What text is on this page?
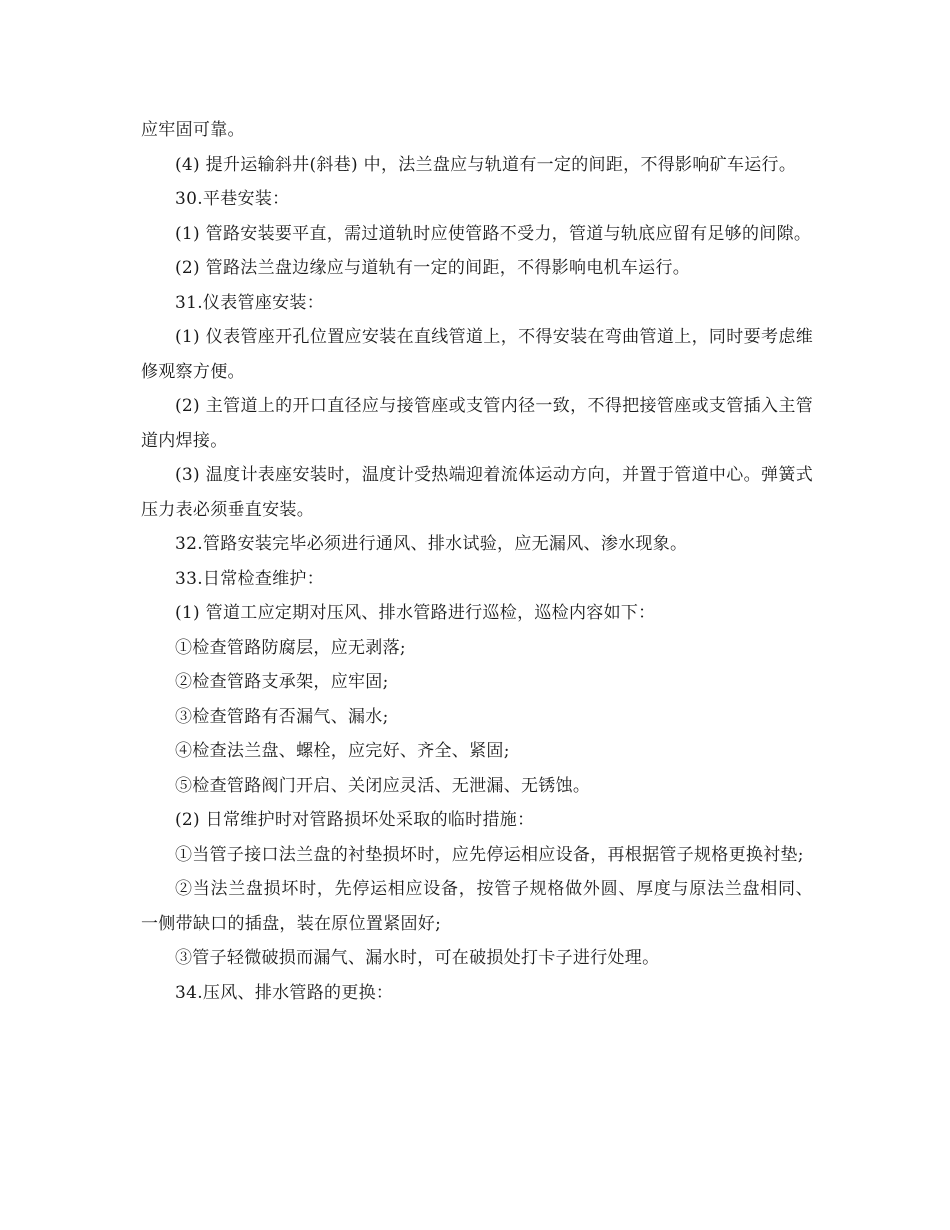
应牢固可靠。

(4) 提升运输斜井(斜巷) 中，法兰盘应与轨道有一定的间距，不得影响矿车运行。

30.平巷安装：

(1) 管路安装要平直，需过道轨时应使管路不受力，管道与轨底应留有足够的间隙。

(2) 管路法兰盘边缘应与道轨有一定的间距，不得影响电机车运行。

31.仪表管座安装：

(1) 仪表管座开孔位置应安装在直线管道上，不得安装在弯曲管道上，同时要考虑维修观察方便。

(2) 主管道上的开口直径应与接管座或支管内径一致，不得把接管座或支管插入主管道内焊接。

(3) 温度计表座安装时，温度计受热端迎着流体运动方向，并置于管道中心。弹簧式压力表必须垂直安装。

32.管路安装完毕必须进行通风、排水试验，应无漏风、渗水现象。

33.日常检查维护：

(1) 管道工应定期对压风、排水管路进行巡检，巡检内容如下：

①检查管路防腐层，应无剥落;

②检查管路支承架，应牢固;

③检查管路有否漏气、漏水;

④检查法兰盘、螺栓，应完好、齐全、紧固;

⑤检查管路阀门开启、关闭应灵活、无泄漏、无锈蚀。

(2) 日常维护时对管路损坏处采取的临时措施：

①当管子接口法兰盘的衬垫损坏时，应先停运相应设备，再根据管子规格更换衬垫;

②当法兰盘损坏时，先停运相应设备，按管子规格做外圆、厚度与原法兰盘相同、一侧带缺口的插盘，装在原位置紧固好;

③管子轻微破损而漏气、漏水时，可在破损处打卡子进行处理。

34.压风、排水管路的更换：
